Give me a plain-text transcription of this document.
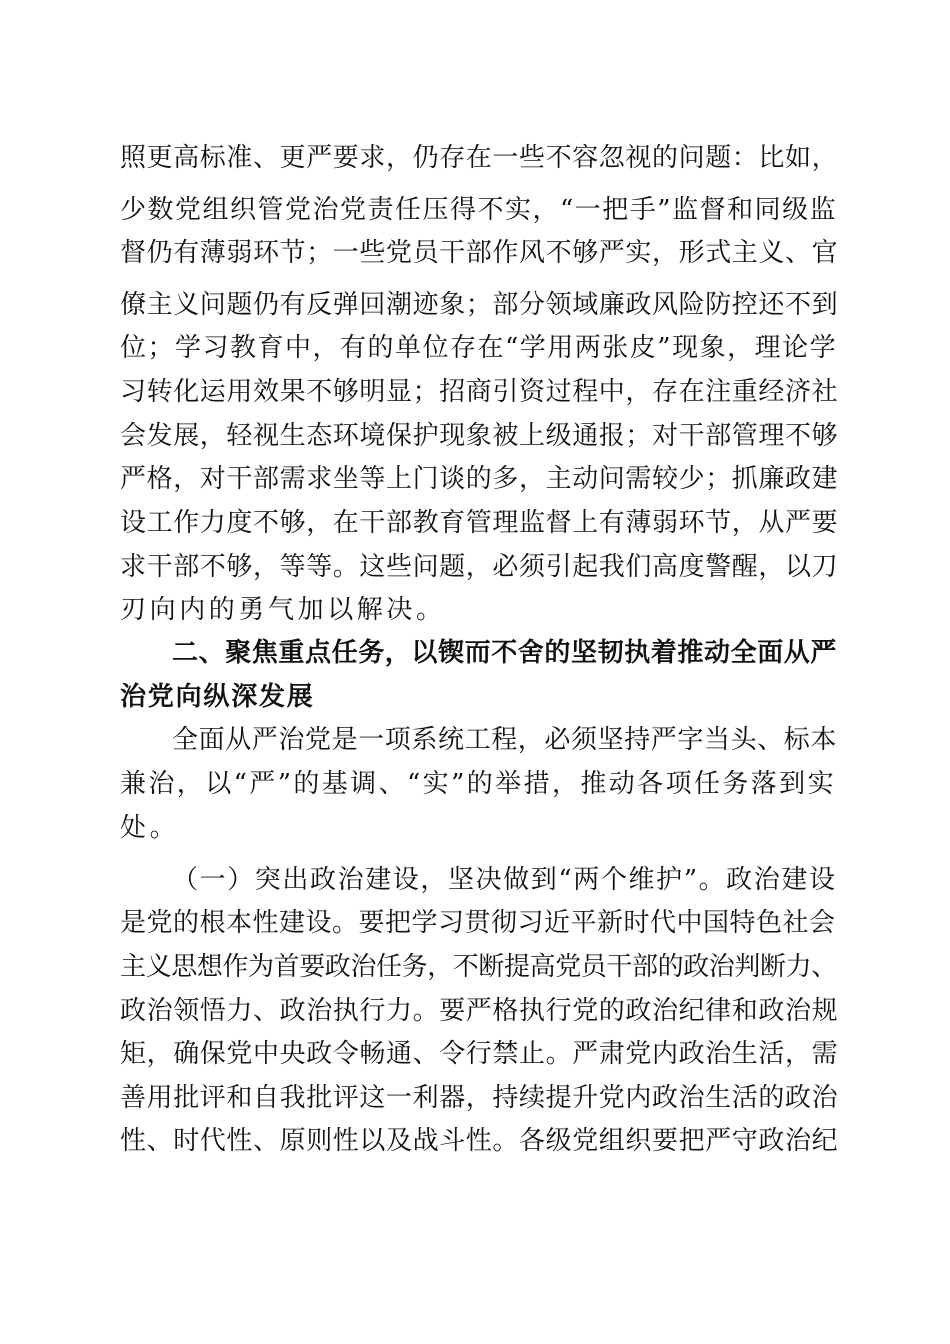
照更高标准、更严要求，仍存在一些不容忽视的问题：比如，
少数党组织管党治党责任压得不实，“一把手”监督和同级监
督仍有薄弱环节；一些党员干部作风不够严实，形式主义、官
僚主义问题仍有反弹回潮迹象；部分领域廉政风险防控还不到
位；学习教育中，有的单位存在“学用两张皮”现象，理论学
习转化运用效果不够明显；招商引资过程中，存在注重经济社
会发展，轻视生态环境保护现象被上级通报；对干部管理不够
严格，对干部需求坐等上门谈的多，主动问需较少；抓廉政建
设工作力度不够，在干部教育管理监督上有薄弱环节，从严要
求干部不够，等等。这些问题，必须引起我们高度警醒，以刀
刃向内的勇气加以解决。
二、聚焦重点任务，以锲而不舍的坚韧执着推动全面从严
治党向纵深发展
全面从严治党是一项系统工程，必须坚持严字当头、标本
兼治，以“严”的基调、“实”的举措，推动各项任务落到实
处。
（一）突出政治建设，坚决做到“两个维护”。政治建设
是党的根本性建设。要把学习贯彻习近平新时代中国特色社会
主义思想作为首要政治任务，不断提高党员干部的政治判断力、
政治领悟力、政治执行力。要严格执行党的政治纪律和政治规
矩，确保党中央政令畅通、令行禁止。严肃党内政治生活，需
善用批评和自我批评这一利器，持续提升党内政治生活的政治
性、时代性、原则性以及战斗性。各级党组织要把严守政治纪
